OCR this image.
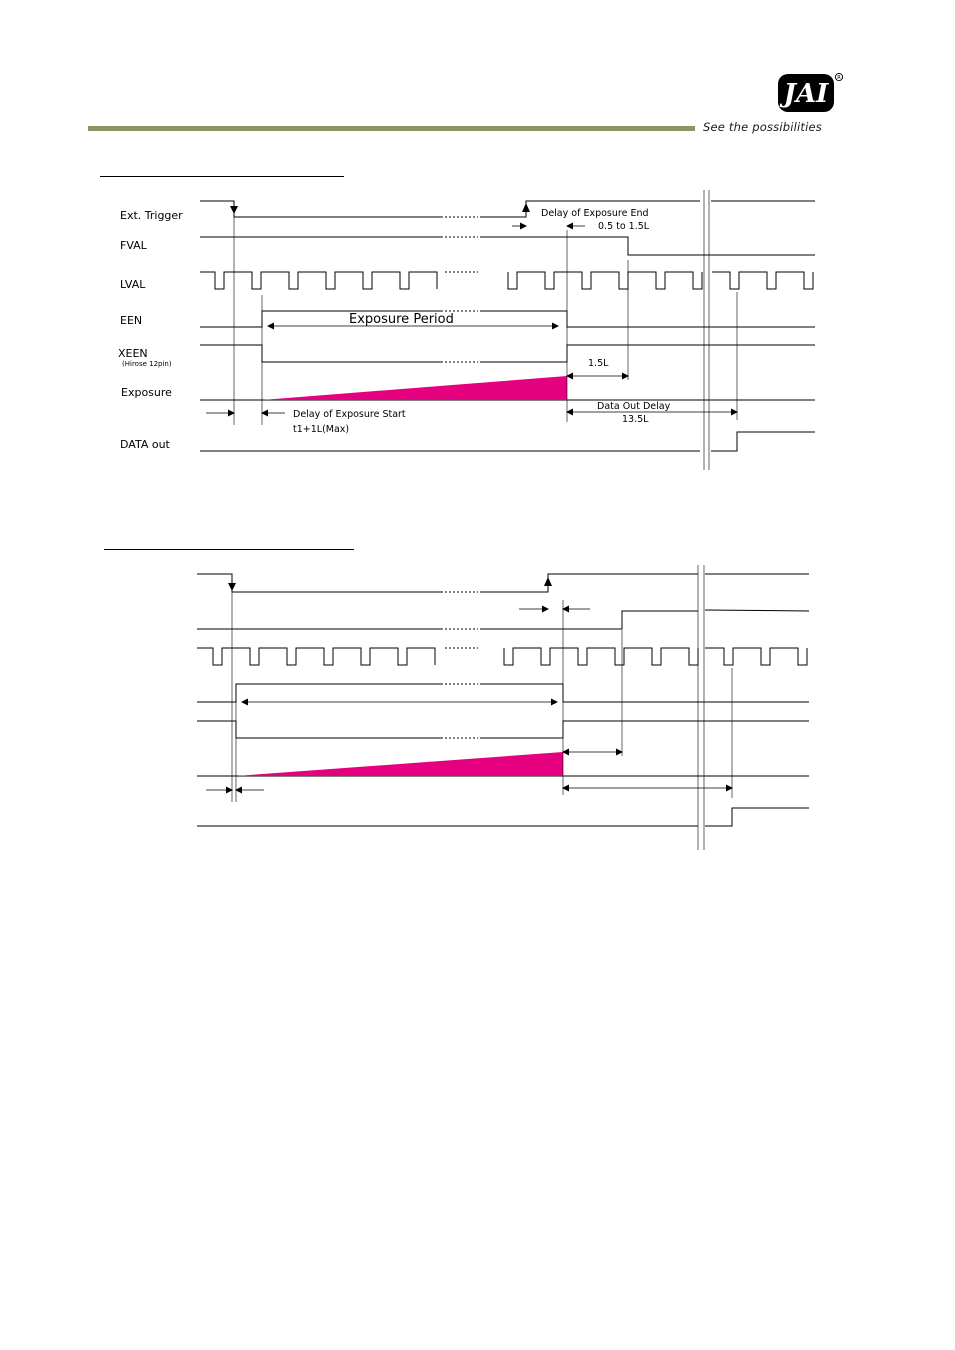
JAI
R
See the possibilities
Ext. Trigger
FVAL
LVAL
EEN
XEEN
(Hirose 12pin)
Exposure
DATA out
Delay of Exposure End
0.5 to 1.5L
Exposure Period
1.5L
Delay of Exposure Start
t1+1L(Max)
Data Out Delay
13.5L
